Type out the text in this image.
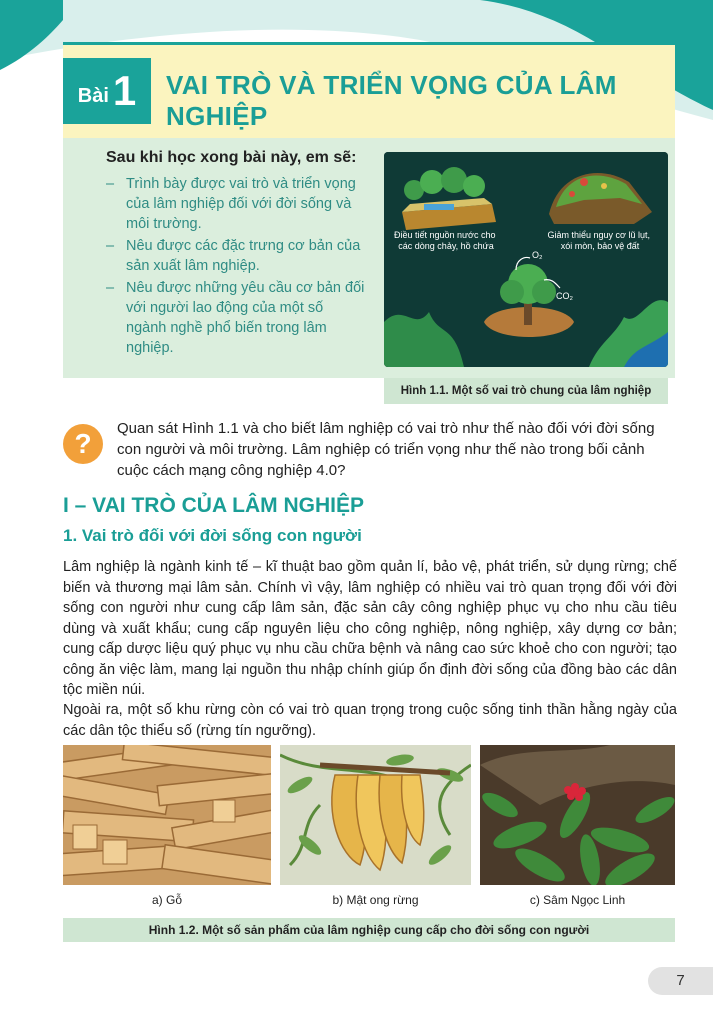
Bài 1 VAI TRÒ VÀ TRIỂN VỌNG CỦA LÂM NGHIỆP
Sau khi học xong bài này, em sẽ:
– Trình bày được vai trò và triển vọng của lâm nghiệp đối với đời sống và môi trường.
– Nêu được các đặc trưng cơ bản của sản xuất lâm nghiệp.
– Nêu được những yêu cầu cơ bản đối với người lao động của một số ngành nghề phổ biến trong lâm nghiệp.
Điều tiết nguồn nước cho các dòng chảy, hồ chứa
Giảm thiểu nguy cơ lũ lụt, xói mòn, bảo vệ đất
O₂
CO₂
Hình 1.1. Một số vai trò chung của lâm nghiệp
?	Quan sát Hình 1.1 và cho biết lâm nghiệp có vai trò như thế nào đối với đời sống con người và môi trường. Lâm nghiệp có triển vọng như thế nào trong bối cảnh cuộc cách mạng công nghiệp 4.0?
I – VAI TRÒ CỦA LÂM NGHIỆP
1. Vai trò đối với đời sống con người

Lâm nghiệp là ngành kinh tế – kĩ thuật bao gồm quản lí, bảo vệ, phát triển, sử dụng rừng; chế biến và thương mại lâm sản. Chính vì vậy, lâm nghiệp có nhiều vai trò quan trọng đối với đời sống con người như cung cấp lâm sản, đặc sản cây công nghiệp phục vụ cho nhu cầu tiêu dùng và xuất khẩu; cung cấp nguyên liệu cho công nghiệp, nông nghiệp, xây dựng cơ bản; cung cấp dược liệu quý phục vụ nhu cầu chữa bệnh và nâng cao sức khoẻ cho con người; tạo công ăn việc làm, mang lại nguồn thu nhập chính giúp ổn định đời sống của đồng bào các dân tộc miền núi.

Ngoài ra, một số khu rừng còn có vai trò quan trọng trong cuộc sống tinh thần hằng ngày của các dân tộc thiểu số (rừng tín ngưỡng).

a) Gỗ	b) Mật ong rừng	c) Sâm Ngọc Linh
Hình 1.2. Một số sản phẩm của lâm nghiệp cung cấp cho đời sống con người
7
